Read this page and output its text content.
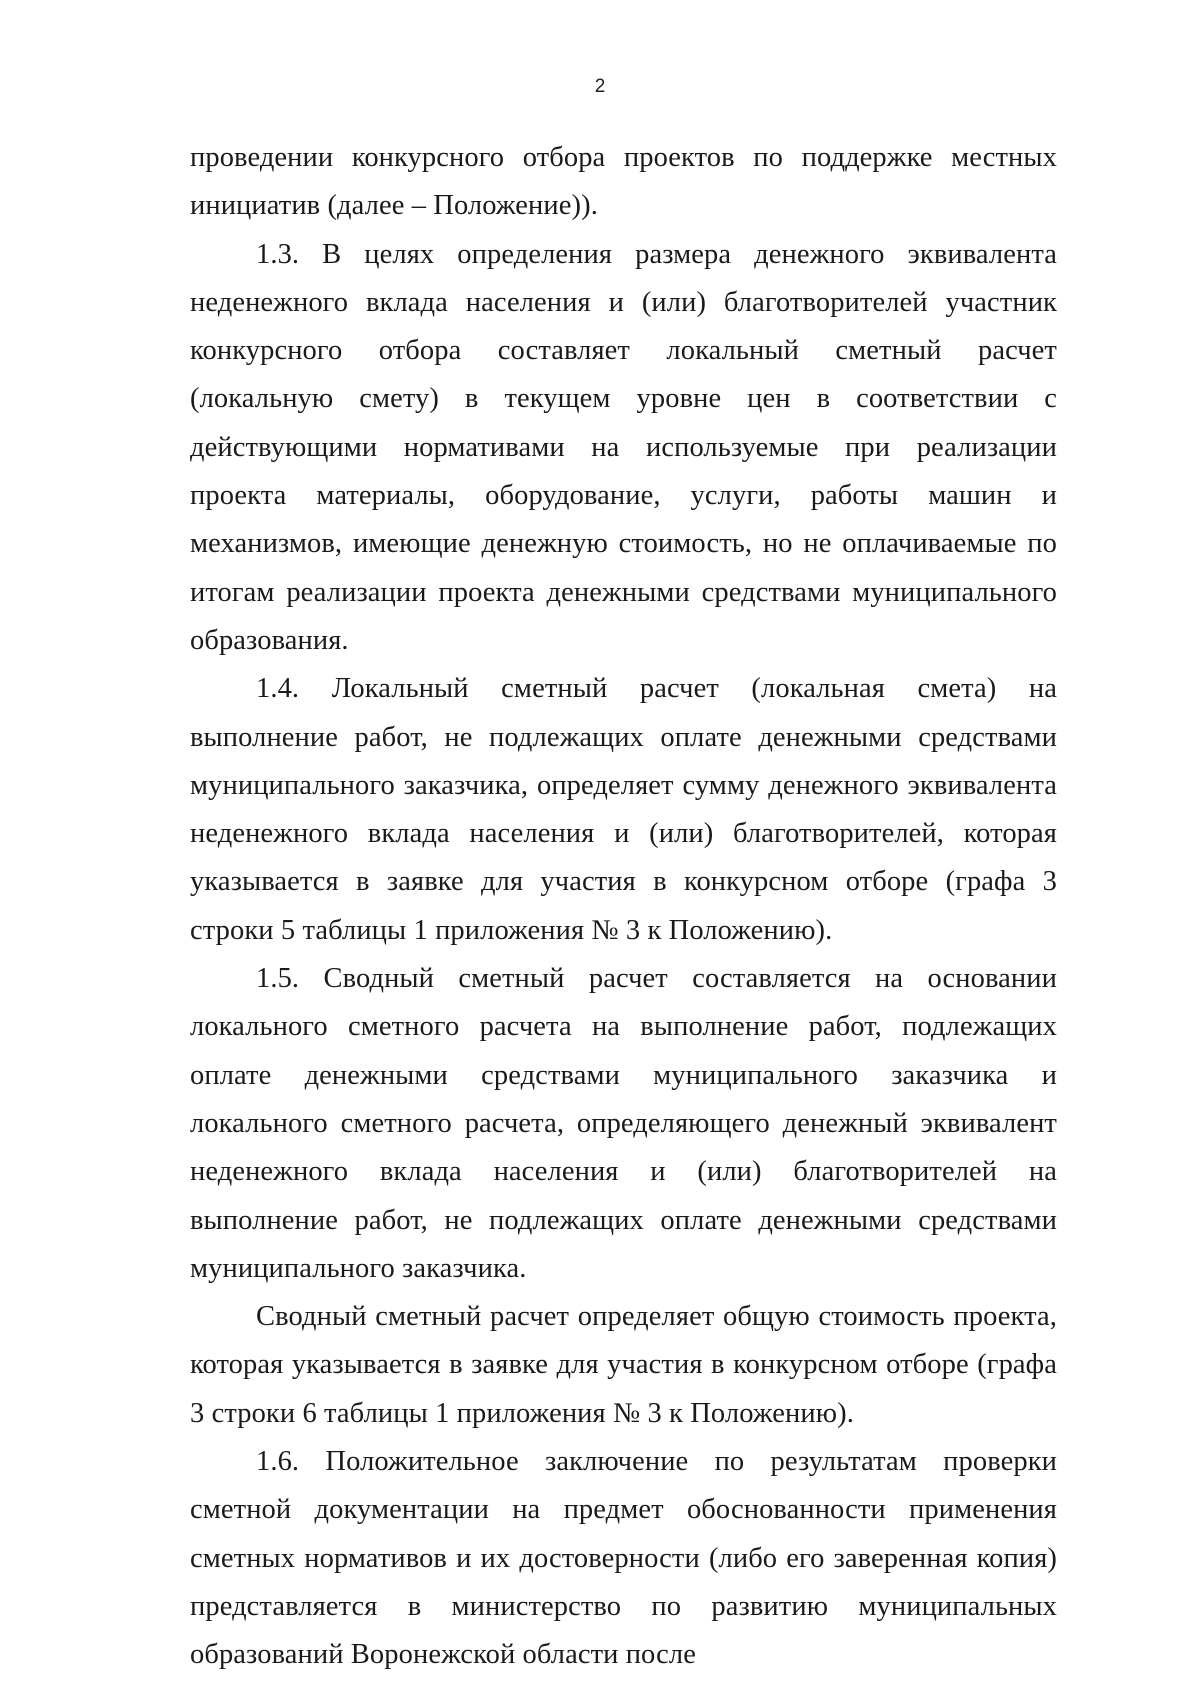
2

проведении конкурсного отбора проектов по поддержке местных инициатив (далее – Положение)).

1.3. В целях определения размера денежного эквивалента неденежного вклада населения и (или) благотворителей участник конкурсного отбора составляет локальный сметный расчет (локальную смету) в текущем уровне цен в соответствии с действующими нормативами на используемые при реализации проекта материалы, оборудование, услуги, работы машин и механизмов, имеющие денежную стоимость, но не оплачиваемые по итогам реализации проекта денежными средствами муниципального образования.

1.4. Локальный сметный расчет (локальная смета) на выполнение работ, не подлежащих оплате денежными средствами муниципального заказчика, определяет сумму денежного эквивалента неденежного вклада населения и (или) благотворителей, которая указывается в заявке для участия в конкурсном отборе (графа 3 строки 5 таблицы 1 приложения № 3 к Положению).

1.5. Сводный сметный расчет составляется на основании локального сметного расчета на выполнение работ, подлежащих оплате денежными средствами муниципального заказчика и локального сметного расчета, определяющего денежный эквивалент неденежного вклада населения и (или) благотворителей на выполнение работ, не подлежащих оплате денежными средствами муниципального заказчика.

Сводный сметный расчет определяет общую стоимость проекта, которая указывается в заявке для участия в конкурсном отборе (графа 3 строки 6 таблицы 1 приложения № 3 к Положению).

1.6. Положительное заключение по результатам проверки сметной документации на предмет обоснованности применения сметных нормативов и их достоверности (либо его заверенная копия) представляется в министерство по развитию муниципальных образований Воронежской области после
